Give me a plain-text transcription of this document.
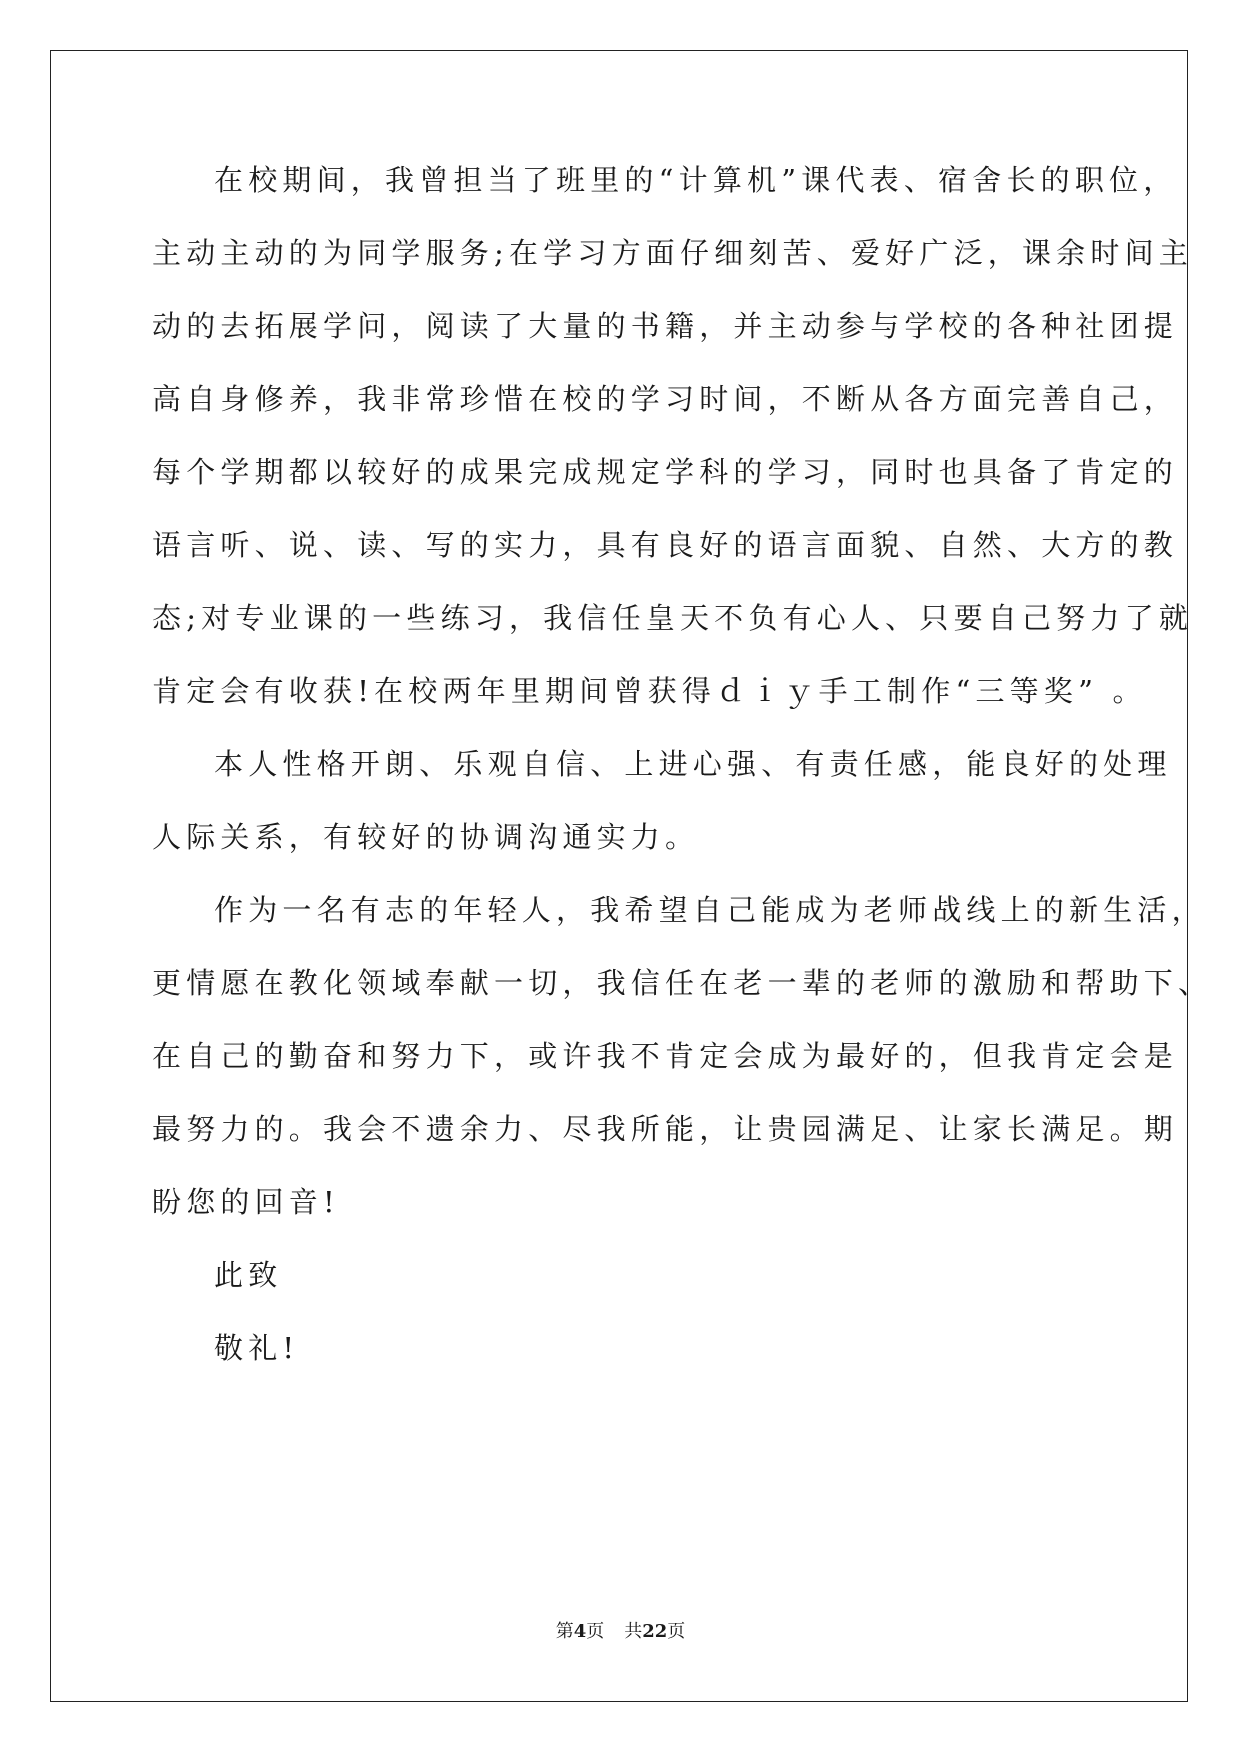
在校期间，我曾担当了班里的“计算机”课代表、宿舍长的职位，
主动主动的为同学服务;在学习方面仔细刻苦、爱好广泛，课余时间主
动的去拓展学问，阅读了大量的书籍，并主动参与学校的各种社团提
高自身修养，我非常珍惜在校的学习时间，不断从各方面完善自己，
每个学期都以较好的成果完成规定学科的学习，同时也具备了肯定的
语言听、说、读、写的实力，具有良好的语言面貌、自然、大方的教
态;对专业课的一些练习，我信任皇天不负有心人、只要自己努力了就
肯定会有收获!在校两年里期间曾获得ｄｉｙ手工制作“三等奖” 。
本人性格开朗、乐观自信、上进心强、有责任感，能良好的处理
人际关系，有较好的协调沟通实力。
作为一名有志的年轻人，我希望自己能成为老师战线上的新生活，
更情愿在教化领域奉献一切，我信任在老一辈的老师的激励和帮助下、
在自己的勤奋和努力下，或许我不肯定会成为最好的，但我肯定会是
最努力的。我会不遗余力、尽我所能，让贵园满足、让家长满足。期
盼您的回音!
此致
敬礼!
第4页 共22页
